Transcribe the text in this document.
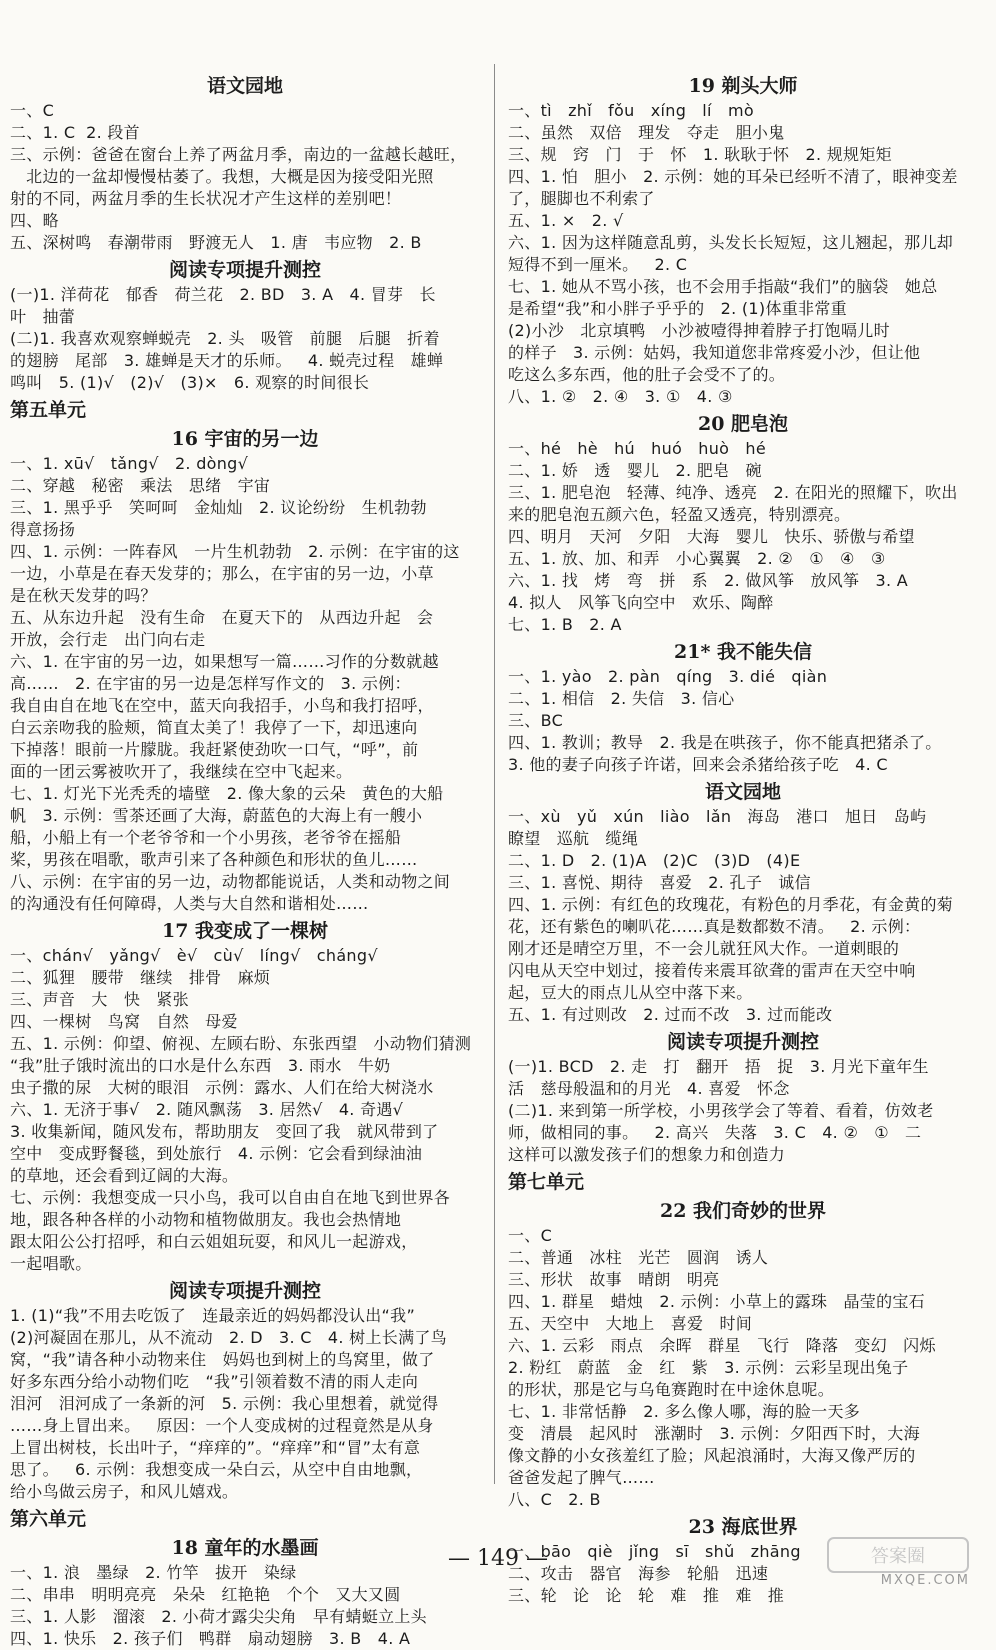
语文园地
一、C
二、1. C  2. 段首
三、示例：爸爸在窗台上养了两盆月季，南边的一盆越长越旺，
北边的一盆却慢慢枯萎了。我想，大概是因为接受阳光照
射的不同，两盆月季的生长状况才产生这样的差别吧！
四、略
五、深树鸣   春潮带雨   野渡无人   1. 唐   韦应物   2. B
阅读专项提升测控
(一)1. 洋荷花   郁香   荷兰花   2. BD   3. A   4. 冒芽   长
叶   抽蕾
(二)1. 我喜欢观察蝉蜕壳   2. 头   吸管   前腿   后腿   折着
的翅膀   尾部   3. 雄蝉是天才的乐师。   4. 蜕壳过程   雄蝉
鸣叫   5. (1)√   (2)√   (3)×   6. 观察的时间很长
第五单元
16 宇宙的另一边
一、1. xū√   tǎng√   2. dòng√
二、穿越   秘密   乘法   思绪   宇宙
三、1. 黑乎乎   笑呵呵   金灿灿   2. 议论纷纷   生机勃勃
得意扬扬
四、1. 示例：一阵春风   一片生机勃勃   2. 示例：在宇宙的这
一边，小草是在春天发芽的；那么，在宇宙的另一边，小草
是在秋天发芽的吗？
五、从东边升起   没有生命   在夏天下的   从西边升起   会
开放，会行走   出门向右走
六、1. 在宇宙的另一边，如果想写一篇……习作的分数就越
高……   2. 在宇宙的另一边是怎样写作文的   3. 示例：
我自由自在地飞在空中，蓝天向我招手，小鸟和我打招呼，
白云亲吻我的脸颊，简直太美了！我停了一下，却迅速向
下掉落！眼前一片朦胧。我赶紧使劲吹一口气，“呼”，前
面的一团云雾被吹开了，我继续在空中飞起来。
七、1. 灯光下光秃秃的墙壁   2. 像大象的云朵   黄色的大船
帆   3. 示例：雪茶还画了大海，蔚蓝色的大海上有一艘小
船，小船上有一个老爷爷和一个小男孩，老爷爷在摇船
桨，男孩在唱歌，歌声引来了各种颜色和形状的鱼儿……
八、示例：在宇宙的另一边，动物都能说话，人类和动物之间
的沟通没有任何障碍，人类与大自然和谐相处……
17 我变成了一棵树
一、chán√   yǎng√   è√   cù√   líng√   cháng√
二、狐狸   腰带   继续   排骨   麻烦
三、声音   大   快   紧张
四、一棵树   鸟窝   自然   母爱
五、1. 示例：仰望、俯视、左顾右盼、东张西望   小动物们猜测
“我”肚子饿时流出的口水是什么东西   3. 雨水   牛奶
虫子撒的尿   大树的眼泪   示例：露水、人们在给大树浇水
六、1. 无济于事√   2. 随风飘荡   3. 居然√   4. 奇遇√
3. 收集新闻，随风发布，帮助朋友   变回了我   就风带到了
空中   变成野餐毯，到处旅行   4. 示例：它会看到绿油油
的草地，还会看到辽阔的大海。
七、示例：我想变成一只小鸟，我可以自由自在地飞到世界各
地，跟各种各样的小动物和植物做朋友。我也会热情地
跟太阳公公打招呼，和白云姐姐玩耍，和风儿一起游戏，
一起唱歌。
阅读专项提升测控
1. (1)“我”不用去吃饭了   连最亲近的妈妈都没认出“我”
(2)河凝固在那儿，从不流动   2. D   3. C   4. 树上长满了鸟
窝，“我”请各种小动物来住   妈妈也到树上的鸟窝里，做了
好多东西分给小动物们吃   “我”引领着数不清的雨人走向
泪河   泪河成了一条新的河   5. 示例：我心里想着，就觉得
……身上冒出来。   原因：一个人变成树的过程竟然是从身
上冒出树枝，长出叶子，“痒痒的”。“痒痒”和“冒”太有意
思了。   6. 示例：我想变成一朵白云，从空中自由地飘，
给小鸟做云房子，和风儿嬉戏。
第六单元
18 童年的水墨画
一、1. 浪   墨绿   2. 竹竿   拔开   染绿
二、串串   明明亮亮   朵朵   红艳艳   个个   又大又圆
三、1. 人影   溜滚   2. 小荷才露尖尖角   早有蜻蜓立上头
四、1. 快乐   2. 孩子们   鸭群   扇动翅膀   3. B   4. A
19 剃头大师
一、tì   zhǐ   fǒu   xíng   lí   mò
二、虽然   双倍   理发   夺走   胆小鬼
三、规   窍   门   于   怀   1. 耿耿于怀   2. 规规矩矩
四、1. 怕   胆小   2. 示例：她的耳朵已经听不清了，眼神变差
了，腿脚也不利索了
五、1. ×   2. √
六、1. 因为这样随意乱剪，头发长长短短，这儿翘起，那儿却
短得不到一厘米。   2. C
七、1. 她从不骂小孩，也不会用手指敲“我们”的脑袋   她总
是希望“我”和小胖子乎乎的   2. (1)体重非常重
(2)小沙   北京填鸭   小沙被噎得抻着脖子打饱嗝儿时
的样子   3. 示例：姑妈，我知道您非常疼爱小沙，但让他
吃这么多东西，他的肚子会受不了的。
八、1. ②   2. ④   3. ①   4. ③
20 肥皂泡
一、hé   hè   hú   huó   huò   hé
二、1. 娇   透   婴儿   2. 肥皂   碗
三、1. 肥皂泡   轻薄、纯净、透亮   2. 在阳光的照耀下，吹出
来的肥皂泡五颜六色，轻盈又透亮，特别漂亮。
四、明月   天河   夕阳   大海   婴儿   快乐、骄傲与希望
五、1. 放、加、和弄   小心翼翼   2. ②   ①   ④   ③
六、1. 找   烤   弯   拼   系   2. 做风筝   放风筝   3. A
4. 拟人   风筝飞向空中   欢乐、陶醉
七、1. B   2. A
21* 我不能失信
一、1. yào   2. pàn   qíng   3. dié   qiàn
二、1. 相信   2. 失信   3. 信心
三、BC
四、1. 教训；教导   2. 我是在哄孩子，你不能真把猪杀了。
3. 他的妻子向孩子许诺，回来会杀猪给孩子吃   4. C
语文园地
一、xù   yǔ   xún   liào   lǎn   海岛   港口   旭日   岛屿
瞭望   巡航   缆绳
二、1. D   2. (1)A   (2)C   (3)D   (4)E
三、1. 喜悦、期待   喜爱   2. 孔子   诚信
四、1. 示例：有红色的玫瑰花，有粉色的月季花，有金黄的菊
花，还有紫色的喇叭花……真是数都数不清。   2. 示例：
刚才还是晴空万里，不一会儿就狂风大作。一道刺眼的
闪电从天空中划过，接着传来震耳欲聋的雷声在天空中响
起，豆大的雨点儿从空中落下来。
五、1. 有过则改   2. 过而不改   3. 过而能改
阅读专项提升测控
(一)1. BCD   2. 走   打   翻开   捂   捉   3. 月光下童年生
活   慈母般温和的月光   4. 喜爱   怀念
(二)1. 来到第一所学校，小男孩学会了等着、看着，仿效老
师，做相同的事。   2. 高兴   失落   3. C   4. ②   ①   二
这样可以激发孩子们的想象力和创造力
第七单元
22 我们奇妙的世界
一、C
二、普通   冰柱   光芒   圆润   诱人
三、形状   故事   晴朗   明亮
四、1. 群星   蜡烛   2. 示例：小草上的露珠   晶莹的宝石
五、天空中   大地上   喜爱   时间
六、1. 云彩   雨点   余晖   群星   飞行   降落   变幻   闪烁
2. 粉红   蔚蓝   金   红   紫   3. 示例：云彩呈现出兔子
的形状，那是它与乌龟赛跑时在中途休息呢。
七、1. 非常恬静   2. 多么像人哪，海的脸一天多
变   清晨   起风时   涨潮时   3. 示例：夕阳西下时，大海
像文静的小女孩羞红了脸；风起浪涌时，大海又像严厉的
爸爸发起了脾气……
八、C   2. B
23 海底世界
一、bāo   qiè   jǐng   sī   shǔ   zhāng
二、攻击   器官   海参   轮船   迅速
三、轮   论   论   轮   难   推   难   推
— 149 —	答案圈
MXQE.COM
